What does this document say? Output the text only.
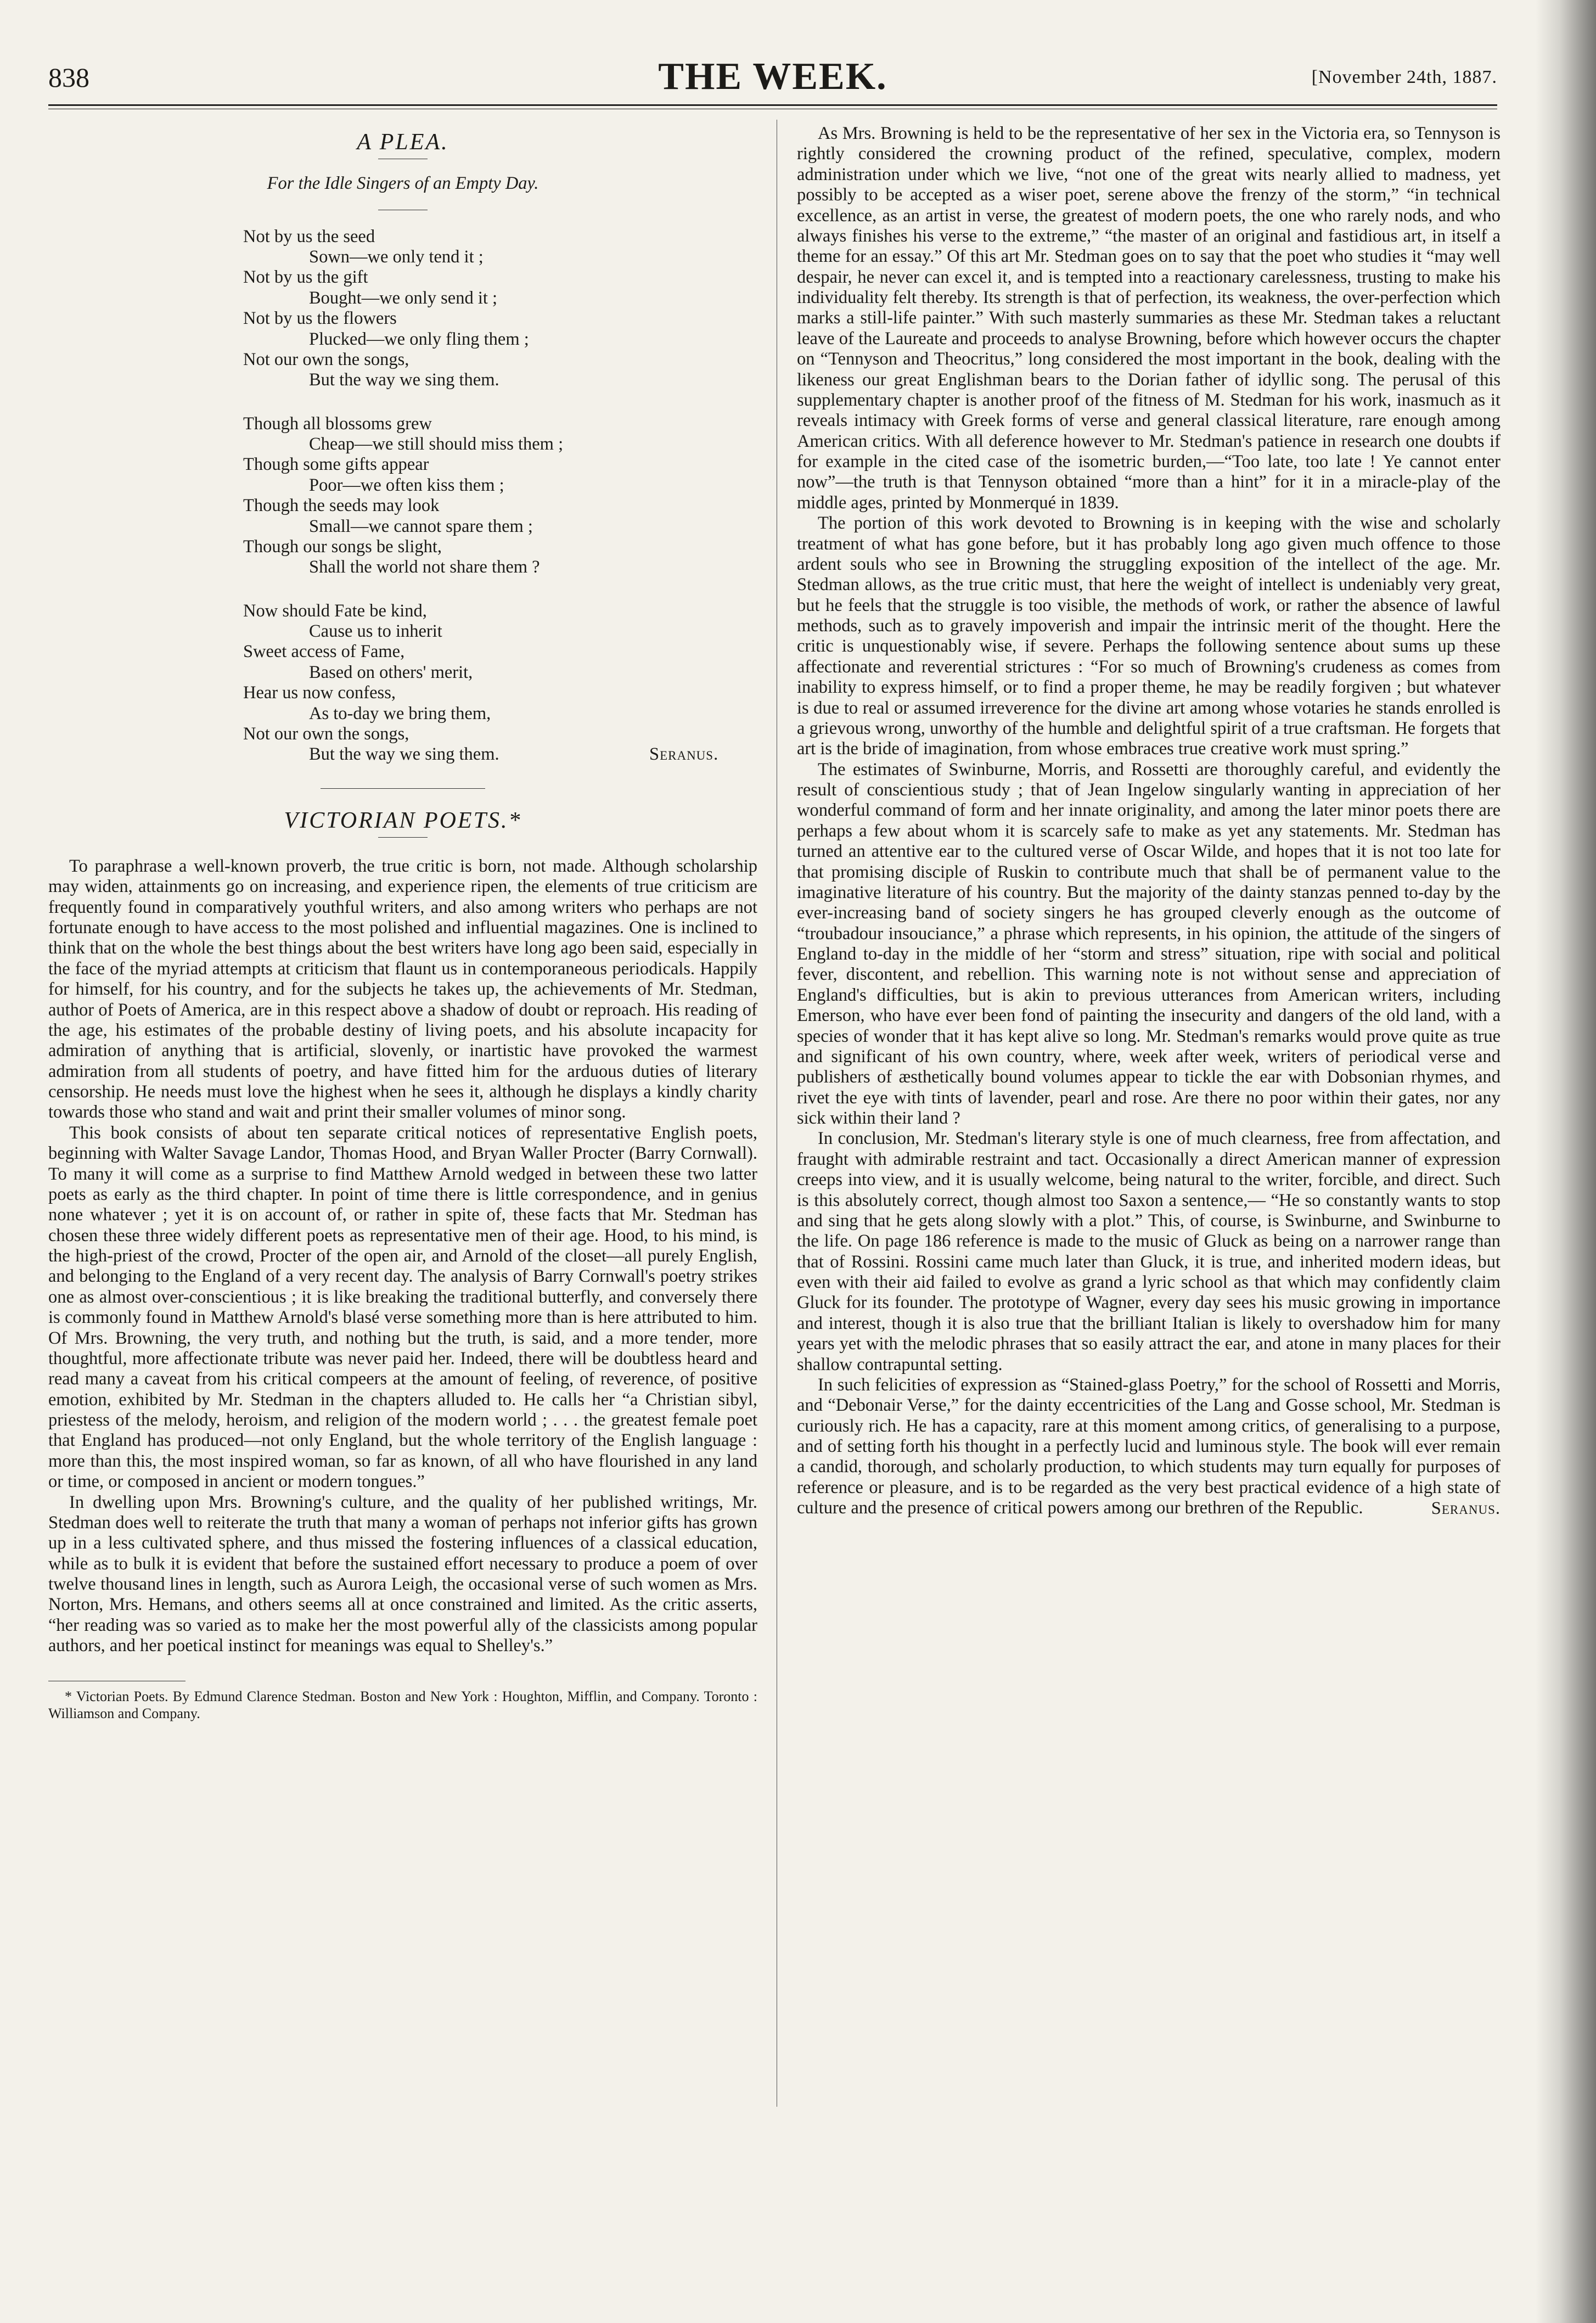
838	THE WEEK.	[November 24th, 1887.
A PLEA.
For the Idle Singers of an Empty Day.
Not by us the seed
Sown—we only tend it ;
Not by us the gift
Bought—we only send it ;
Not by us the flowers
Plucked—we only fling them ;
Not our own the songs,
But the way we sing them.
Though all blossoms grew
Cheap—we still should miss them ;
Though some gifts appear
Poor—we often kiss them ;
Though the seeds may look
Small—we cannot spare them ;
Though our songs be slight,
Shall the world not share them ?
Now should Fate be kind,
Cause us to inherit
Sweet access of Fame,
Based on others' merit,
Hear us now confess,
As to-day we bring them,
Not our own the songs,
But the way we sing them.	Seranus.
VICTORIAN POETS.*

To paraphrase a well-known proverb, the true critic is born, not made. Although scholarship may widen, attainments go on increasing, and experience ripen, the elements of true criticism are frequently found in comparatively youthful writers, and also among writers who perhaps are not fortunate enough to have access to the most polished and influential magazines. One is inclined to think that on the whole the best things about the best writers have long ago been said, especially in the face of the myriad attempts at criticism that flaunt us in contemporaneous periodicals. Happily for himself, for his country, and for the subjects he takes up, the achievements of Mr. Stedman, author of Poets of America, are in this respect above a shadow of doubt or reproach. His reading of the age, his estimates of the probable destiny of living poets, and his absolute incapacity for admiration of anything that is artificial, slovenly, or inartistic have provoked the warmest admiration from all students of poetry, and have fitted him for the arduous duties of literary censorship. He needs must love the highest when he sees it, although he displays a kindly charity towards those who stand and wait and print their smaller volumes of minor song.

This book consists of about ten separate critical notices of representative English poets, beginning with Walter Savage Landor, Thomas Hood, and Bryan Waller Procter (Barry Cornwall). To many it will come as a surprise to find Matthew Arnold wedged in between these two latter poets as early as the third chapter. In point of time there is little correspondence, and in genius none whatever ; yet it is on account of, or rather in spite of, these facts that Mr. Stedman has chosen these three widely different poets as representative men of their age. Hood, to his mind, is the high-priest of the crowd, Procter of the open air, and Arnold of the closet—all purely English, and belonging to the England of a very recent day. The analysis of Barry Cornwall's poetry strikes one as almost over-conscientious ; it is like breaking the traditional butterfly, and conversely there is commonly found in Matthew Arnold's blasé verse something more than is here attributed to him. Of Mrs. Browning, the very truth, and nothing but the truth, is said, and a more tender, more thoughtful, more affectionate tribute was never paid her. Indeed, there will be doubtless heard and read many a caveat from his critical compeers at the amount of feeling, of reverence, of positive emotion, exhibited by Mr. Stedman in the chapters alluded to. He calls her “a Christian sibyl, priestess of the melody, heroism, and religion of the modern world ; . . . the greatest female poet that England has produced—not only England, but the whole territory of the English language : more than this, the most inspired woman, so far as known, of all who have flourished in any land or time, or composed in ancient or modern tongues.”

In dwelling upon Mrs. Browning's culture, and the quality of her published writings, Mr. Stedman does well to reiterate the truth that many a woman of perhaps not inferior gifts has grown up in a less cultivated sphere, and thus missed the fostering influences of a classical education, while as to bulk it is evident that before the sustained effort necessary to produce a poem of over twelve thousand lines in length, such as Aurora Leigh, the occasional verse of such women as Mrs. Norton, Mrs. Hemans, and others seems all at once constrained and limited. As the critic asserts, “her reading was so varied as to make her the most powerful ally of the classicists among popular authors, and her poetical instinct for meanings was equal to Shelley's.”

* Victorian Poets. By Edmund Clarence Stedman. Boston and New York : Houghton, Mifflin, and Company. Toronto : Williamson and Company.

As Mrs. Browning is held to be the representative of her sex in the Victoria era, so Tennyson is rightly considered the crowning product of the refined, speculative, complex, modern administration under which we live, “not one of the great wits nearly allied to madness, yet possibly to be accepted as a wiser poet, serene above the frenzy of the storm,” “in technical excellence, as an artist in verse, the greatest of modern poets, the one who rarely nods, and who always finishes his verse to the extreme,” “the master of an original and fastidious art, in itself a theme for an essay.” Of this art Mr. Stedman goes on to say that the poet who studies it “may well despair, he never can excel it, and is tempted into a reactionary carelessness, trusting to make his individuality felt thereby. Its strength is that of perfection, its weakness, the over-perfection which marks a still-life painter.” With such masterly summaries as these Mr. Stedman takes a reluctant leave of the Laureate and proceeds to analyse Browning, before which however occurs the chapter on “Tennyson and Theocritus,” long considered the most important in the book, dealing with the likeness our great Englishman bears to the Dorian father of idyllic song. The perusal of this supplementary chapter is another proof of the fitness of M. Stedman for his work, inasmuch as it reveals intimacy with Greek forms of verse and general classical literature, rare enough among American critics. With all deference however to Mr. Stedman's patience in research one doubts if for example in the cited case of the isometric burden,—“Too late, too late ! Ye cannot enter now”—the truth is that Tennyson obtained “more than a hint” for it in a miracle-play of the middle ages, printed by Monmerqué in 1839.

The portion of this work devoted to Browning is in keeping with the wise and scholarly treatment of what has gone before, but it has probably long ago given much offence to those ardent souls who see in Browning the struggling exposition of the intellect of the age. Mr. Stedman allows, as the true critic must, that here the weight of intellect is undeniably very great, but he feels that the struggle is too visible, the methods of work, or rather the absence of lawful methods, such as to gravely impoverish and impair the intrinsic merit of the thought. Here the critic is unquestionably wise, if severe. Perhaps the following sentence about sums up these affectionate and reverential strictures : “For so much of Browning's crudeness as comes from inability to express himself, or to find a proper theme, he may be readily forgiven ; but whatever is due to real or assumed irreverence for the divine art among whose votaries he stands enrolled is a grievous wrong, unworthy of the humble and delightful spirit of a true craftsman. He forgets that art is the bride of imagination, from whose embraces true creative work must spring.”

The estimates of Swinburne, Morris, and Rossetti are thoroughly careful, and evidently the result of conscientious study ; that of Jean Ingelow singularly wanting in appreciation of her wonderful command of form and her innate originality, and among the later minor poets there are perhaps a few about whom it is scarcely safe to make as yet any statements. Mr. Stedman has turned an attentive ear to the cultured verse of Oscar Wilde, and hopes that it is not too late for that promising disciple of Ruskin to contribute much that shall be of permanent value to the imaginative literature of his country. But the majority of the dainty stanzas penned to-day by the ever-increasing band of society singers he has grouped cleverly enough as the outcome of “troubadour insouciance,” a phrase which represents, in his opinion, the attitude of the singers of England to-day in the middle of her “storm and stress” situation, ripe with social and political fever, discontent, and rebellion. This warning note is not without sense and appreciation of England's difficulties, but is akin to previous utterances from American writers, including Emerson, who have ever been fond of painting the insecurity and dangers of the old land, with a species of wonder that it has kept alive so long. Mr. Stedman's remarks would prove quite as true and significant of his own country, where, week after week, writers of periodical verse and publishers of æsthetically bound volumes appear to tickle the ear with Dobsonian rhymes, and rivet the eye with tints of lavender, pearl and rose. Are there no poor within their gates, nor any sick within their land ?

In conclusion, Mr. Stedman's literary style is one of much clearness, free from affectation, and fraught with admirable restraint and tact. Occasionally a direct American manner of expression creeps into view, and it is usually welcome, being natural to the writer, forcible, and direct. Such is this absolutely correct, though almost too Saxon a sentence,— “He so constantly wants to stop and sing that he gets along slowly with a plot.” This, of course, is Swinburne, and Swinburne to the life. On page 186 reference is made to the music of Gluck as being on a narrower range than that of Rossini. Rossini came much later than Gluck, it is true, and inherited modern ideas, but even with their aid failed to evolve as grand a lyric school as that which may confidently claim Gluck for its founder. The prototype of Wagner, every day sees his music growing in importance and interest, though it is also true that the brilliant Italian is likely to overshadow him for many years yet with the melodic phrases that so easily attract the ear, and atone in many places for their shallow contrapuntal setting.

In such felicities of expression as “Stained-glass Poetry,” for the school of Rossetti and Morris, and “Debonair Verse,” for the dainty eccentricities of the Lang and Gosse school, Mr. Stedman is curiously rich. He has a capacity, rare at this moment among critics, of generalising to a purpose, and of setting forth his thought in a perfectly lucid and luminous style. The book will ever remain a candid, thorough, and scholarly production, to which students may turn equally for purposes of reference or pleasure, and is to be regarded as the very best practical evidence of a high state of culture and the presence of critical powers among our brethren of the Republic.	Seranus.
